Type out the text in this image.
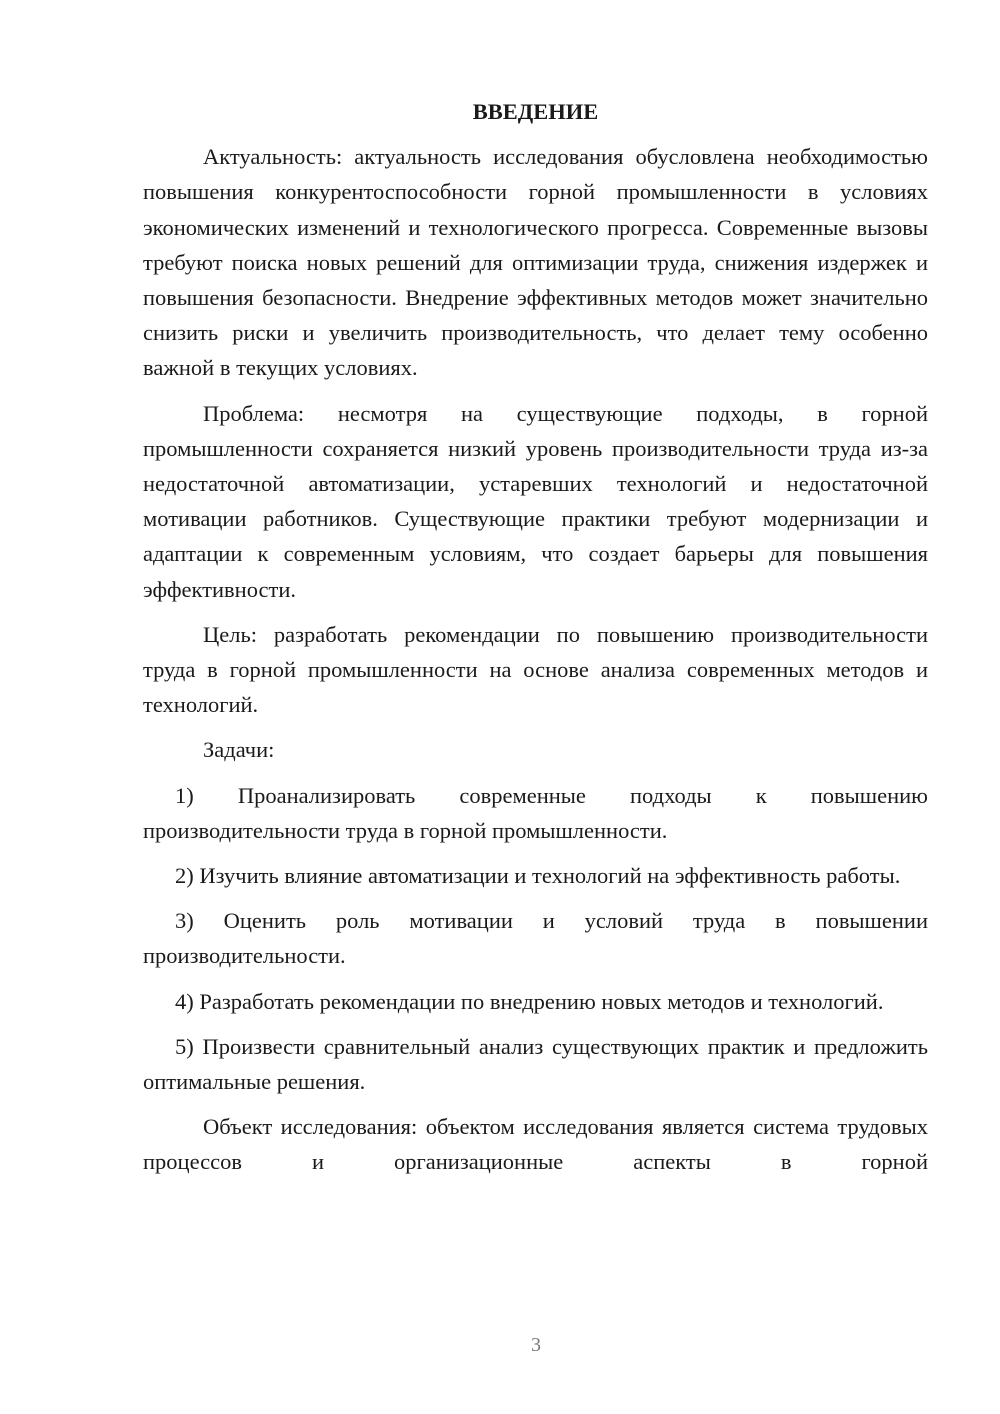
ВВЕДЕНИЕ

Актуальность: актуальность исследования обусловлена необходимостью повышения конкурентоспособности горной промышленности в условиях экономических изменений и технологического прогресса. Современные вызовы требуют поиска новых решений для оптимизации труда, снижения издержек и повышения безопасности. Внедрение эффективных методов может значительно снизить риски и увеличить производительность, что делает тему особенно важной в текущих условиях.

Проблема: несмотря на существующие подходы, в горной промышленности сохраняется низкий уровень производительности труда из-за недостаточной автоматизации, устаревших технологий и недостаточной мотивации работников. Существующие практики требуют модернизации и адаптации к современным условиям, что создает барьеры для повышения эффективности.

Цель: разработать рекомендации по повышению производительности труда в горной промышленности на основе анализа современных методов и технологий.

Задачи:

1) Проанализировать современные подходы к повышению производительности труда в горной промышленности.

2) Изучить влияние автоматизации и технологий на эффективность работы.

3) Оценить роль мотивации и условий труда в повышении производительности.

4) Разработать рекомендации по внедрению новых методов и технологий.

5) Произвести сравнительный анализ существующих практик и предложить оптимальные решения.

Объект исследования: объектом исследования является система трудовых процессов и организационные аспекты в горной

3
